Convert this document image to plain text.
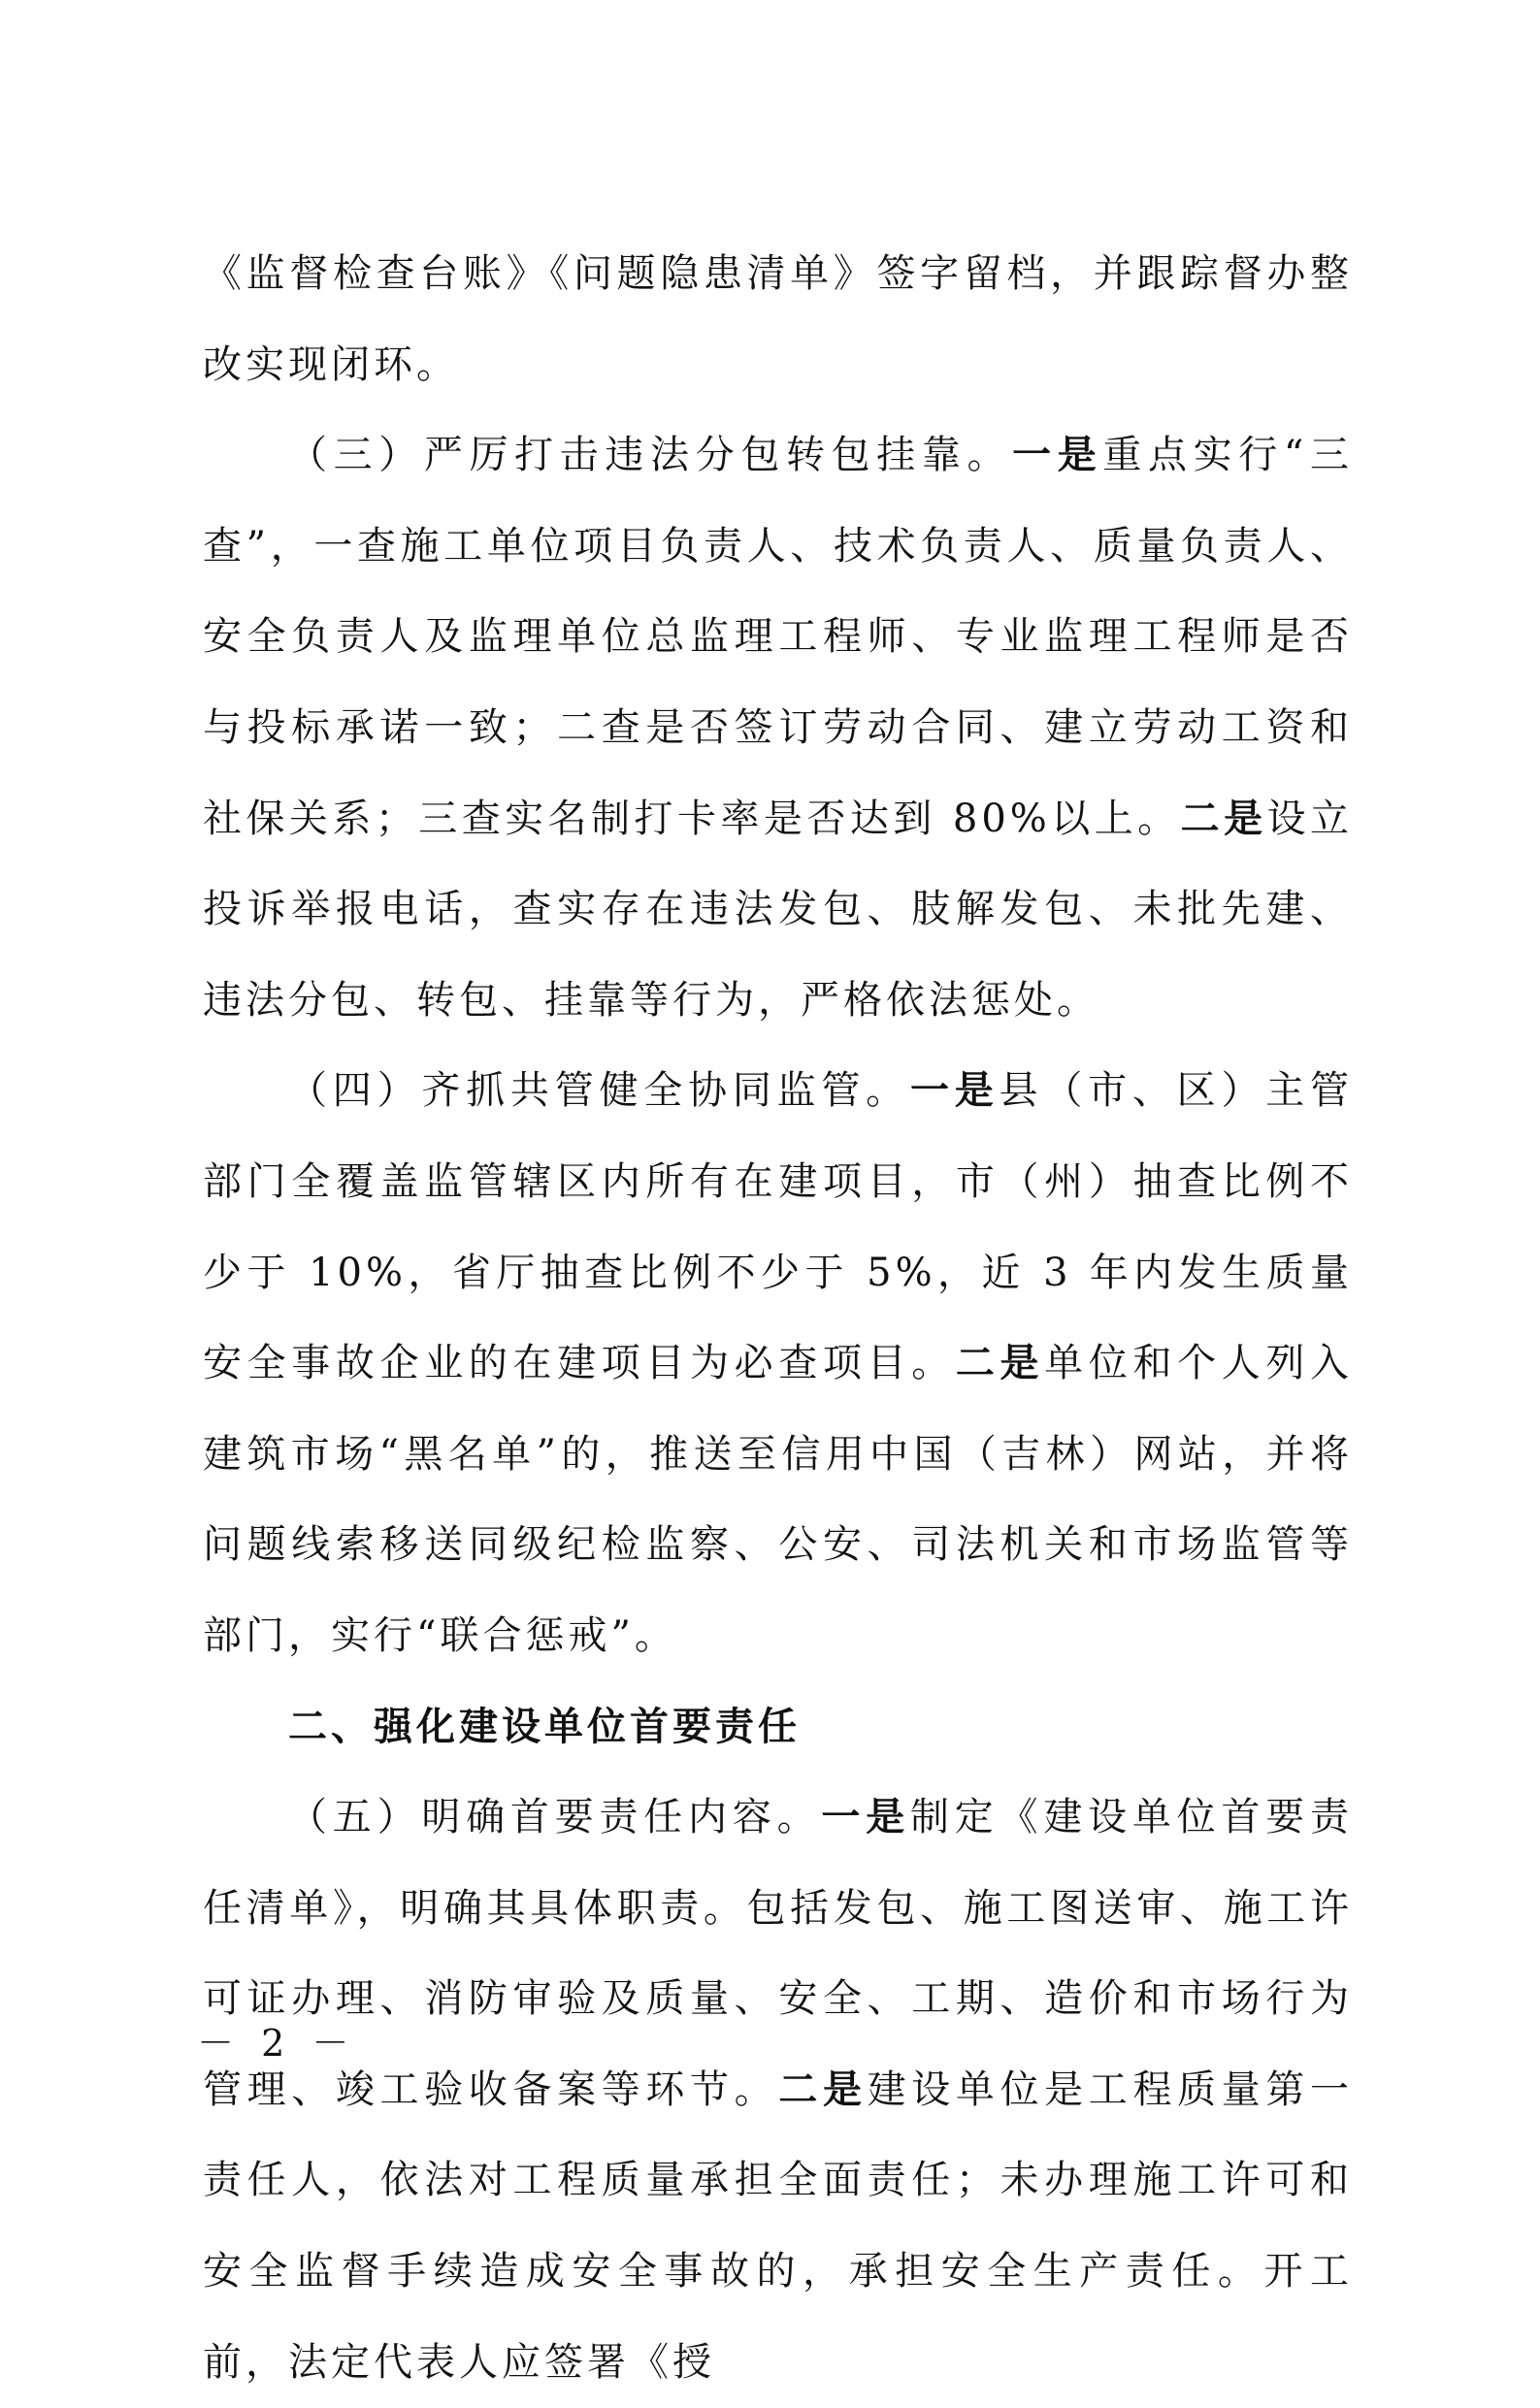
《监督检查台账》《问题隐患清单》签字留档，并跟踪督办整改实现闭环。

（三）严厉打击违法分包转包挂靠。一是重点实行“三查”，一查施工单位项目负责人、技术负责人、质量负责人、安全负责人及监理单位总监理工程师、专业监理工程师是否与投标承诺一致；二查是否签订劳动合同、建立劳动工资和社保关系；三查实名制打卡率是否达到 80%以上。二是设立投诉举报电话，查实存在违法发包、肢解发包、未批先建、违法分包、转包、挂靠等行为，严格依法惩处。

（四）齐抓共管健全协同监管。一是县（市、区）主管部门全覆盖监管辖区内所有在建项目，市（州）抽查比例不少于 10%，省厅抽查比例不少于 5%，近 3 年内发生质量安全事故企业的在建项目为必查项目。二是单位和个人列入建筑市场“黑名单”的，推送至信用中国（吉林）网站，并将问题线索移送同级纪检监察、公安、司法机关和市场监管等部门，实行“联合惩戒”。

二、强化建设单位首要责任

（五）明确首要责任内容。一是制定《建设单位首要责任清单》，明确其具体职责。包括发包、施工图送审、施工许可证办理、消防审验及质量、安全、工期、造价和市场行为管理、竣工验收备案等环节。二是建设单位是工程质量第一责任人，依法对工程质量承担全面责任；未办理施工许可和安全监督手续造成安全事故的，承担安全生产责任。开工前，法定代表人应签署《授

－ 2 －
